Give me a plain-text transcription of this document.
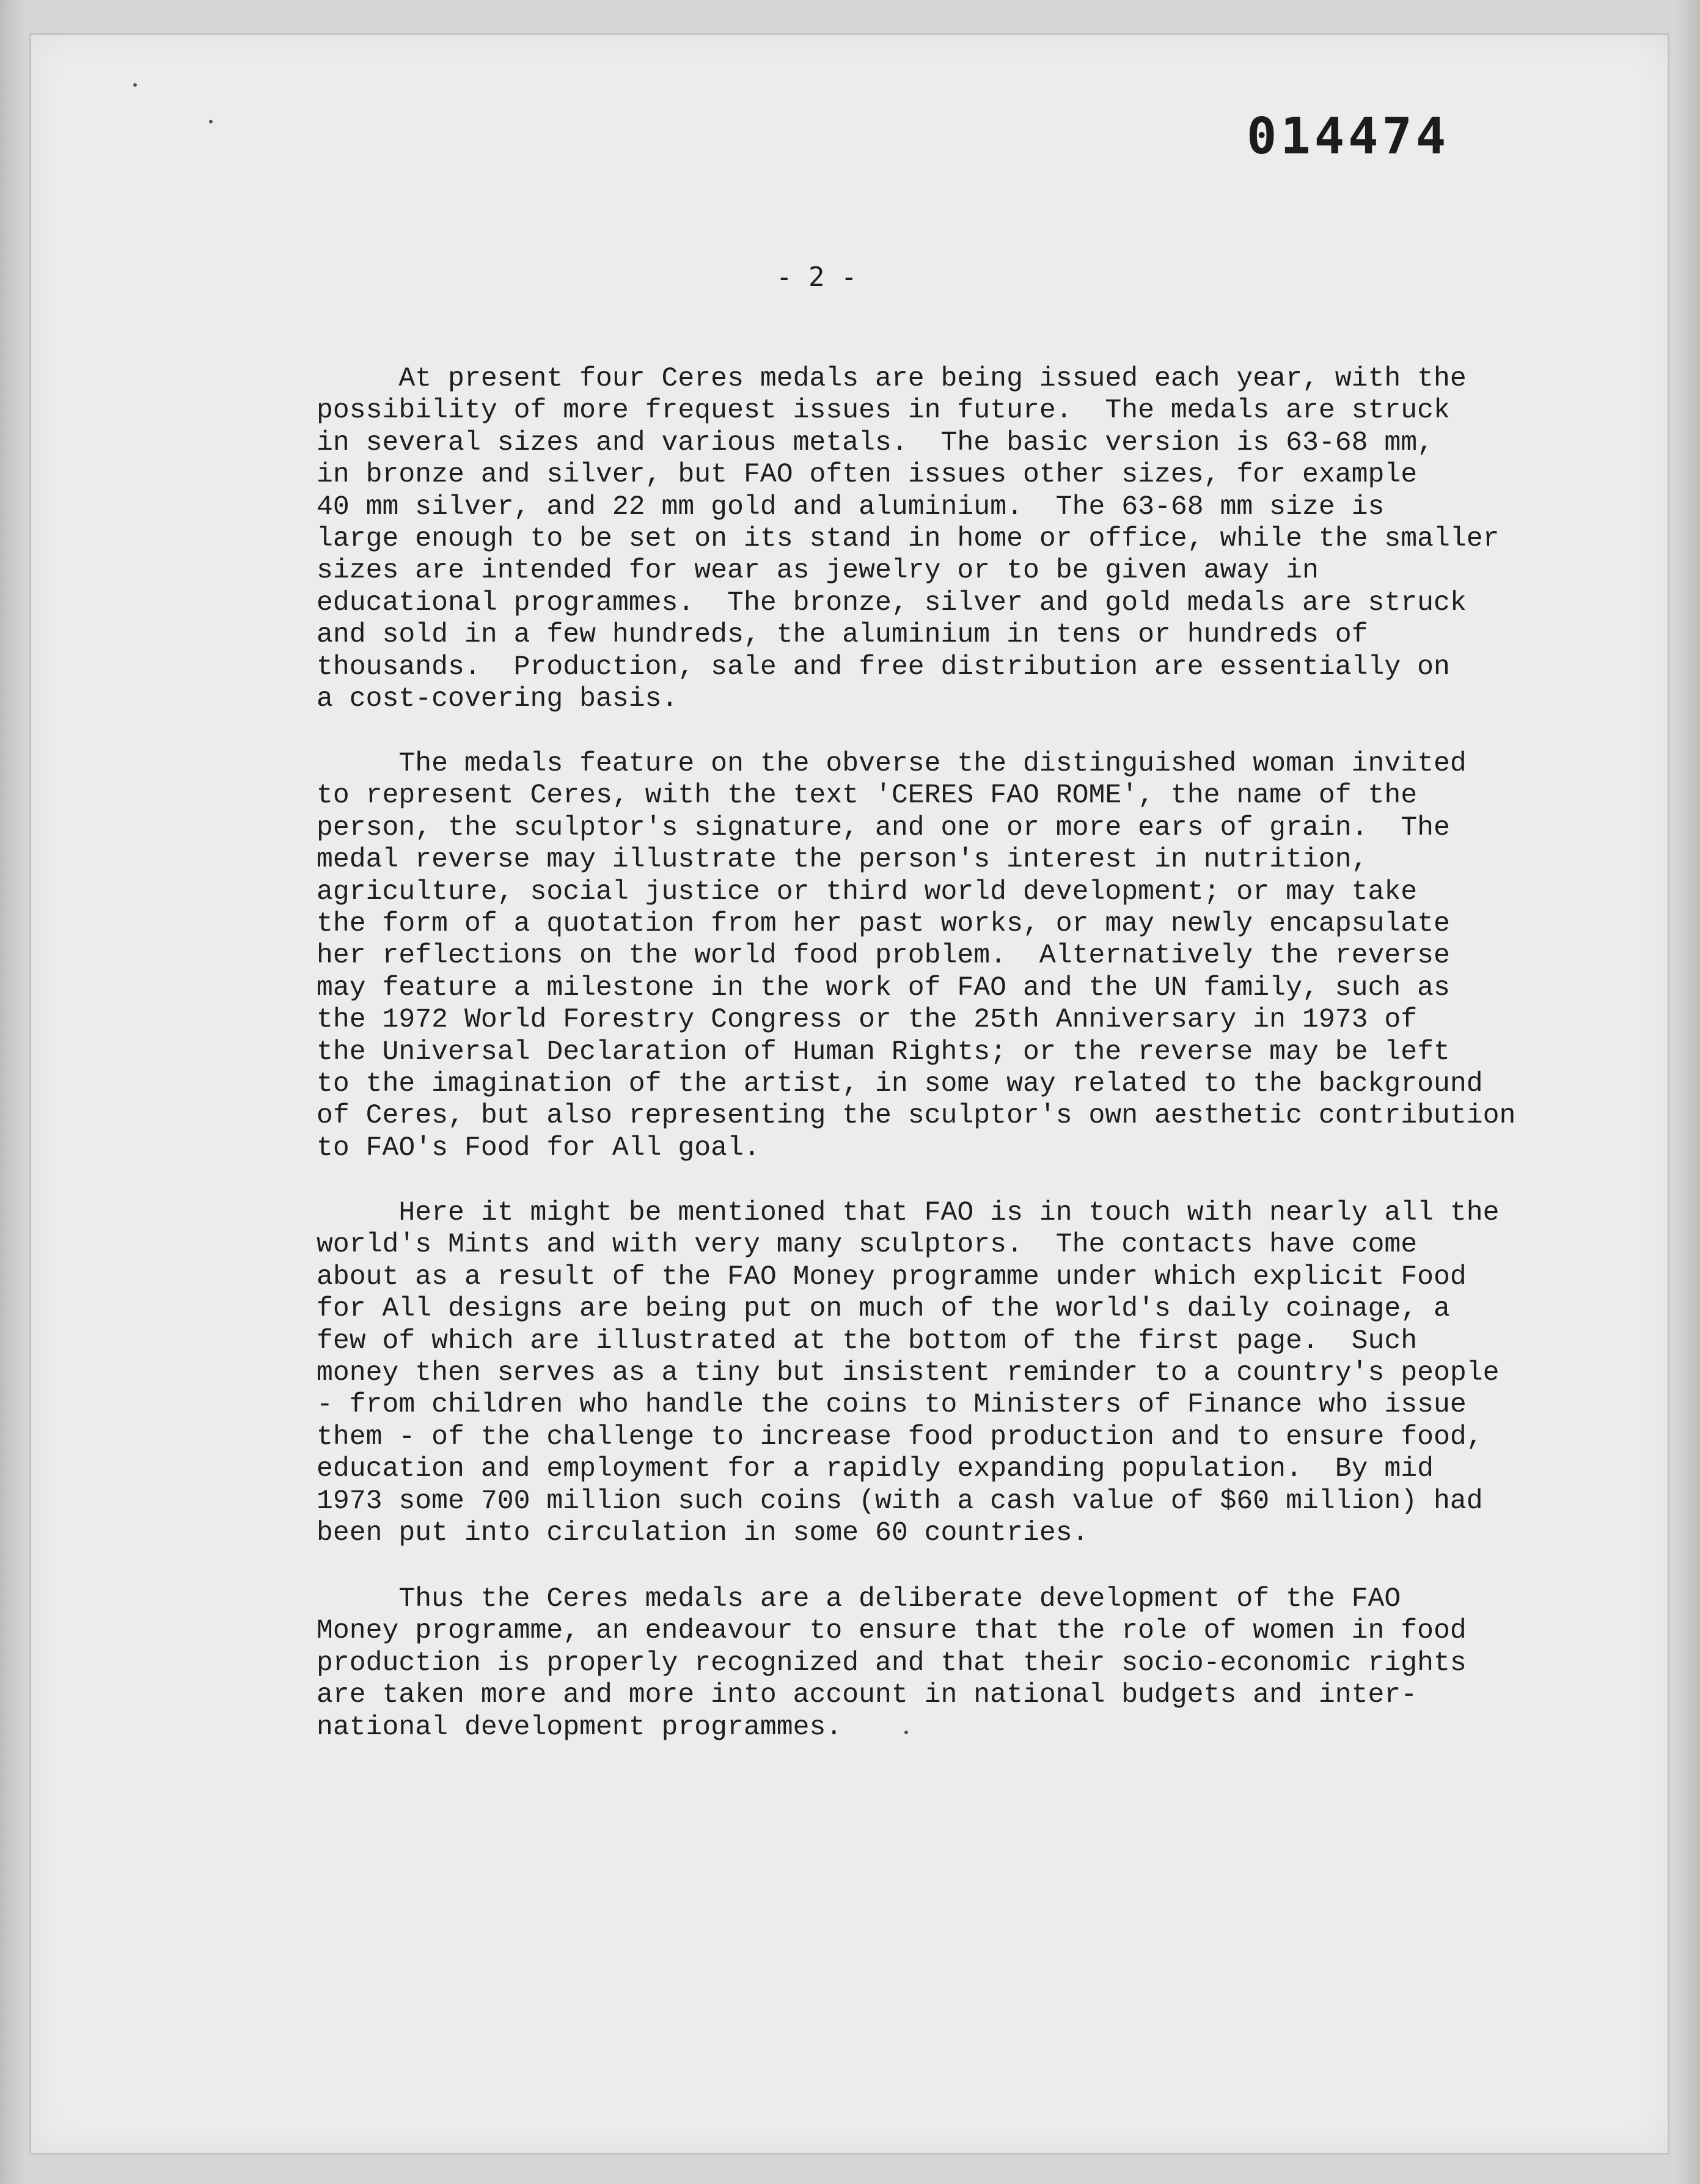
014474
- 2 -
At present four Ceres medals are being issued each year, with the
possibility of more frequest issues in future.  The medals are struck
in several sizes and various metals.  The basic version is 63-68 mm,
in bronze and silver, but FAO often issues other sizes, for example
40 mm silver, and 22 mm gold and aluminium.  The 63-68 mm size is
large enough to be set on its stand in home or office, while the smaller
sizes are intended for wear as jewelry or to be given away in
educational programmes.  The bronze, silver and gold medals are struck
and sold in a few hundreds, the aluminium in tens or hundreds of
thousands.  Production, sale and free distribution are essentially on
a cost-covering basis.
The medals feature on the obverse the distinguished woman invited
to represent Ceres, with the text 'CERES FAO ROME', the name of the
person, the sculptor's signature, and one or more ears of grain.  The
medal reverse may illustrate the person's interest in nutrition,
agriculture, social justice or third world development; or may take
the form of a quotation from her past works, or may newly encapsulate
her reflections on the world food problem.  Alternatively the reverse
may feature a milestone in the work of FAO and the UN family, such as
the 1972 World Forestry Congress or the 25th Anniversary in 1973 of
the Universal Declaration of Human Rights; or the reverse may be left
to the imagination of the artist, in some way related to the background
of Ceres, but also representing the sculptor's own aesthetic contribution
to FAO's Food for All goal.
Here it might be mentioned that FAO is in touch with nearly all the
world's Mints and with very many sculptors.  The contacts have come
about as a result of the FAO Money programme under which explicit Food
for All designs are being put on much of the world's daily coinage, a
few of which are illustrated at the bottom of the first page.  Such
money then serves as a tiny but insistent reminder to a country's people
- from children who handle the coins to Ministers of Finance who issue
them - of the challenge to increase food production and to ensure food,
education and employment for a rapidly expanding population.  By mid
1973 some 700 million such coins (with a cash value of $60 million) had
been put into circulation in some 60 countries.
Thus the Ceres medals are a deliberate development of the FAO
Money programme, an endeavour to ensure that the role of women in food
production is properly recognized and that their socio-economic rights
are taken more and more into account in national budgets and inter-
national development programmes.
